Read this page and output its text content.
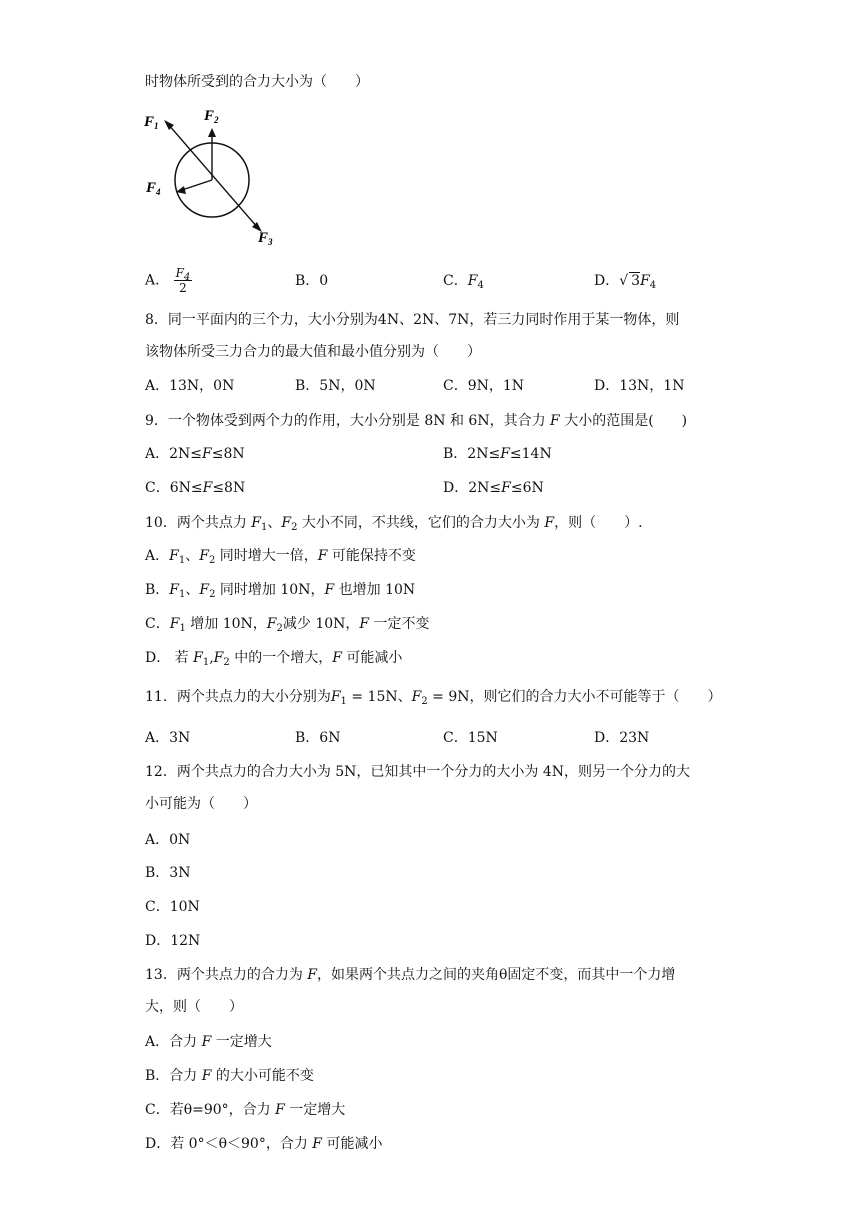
时物体所受到的合力大小为（　　）
$F_1$
$F_2$
$F_4$
$F_3$
A． $\frac{F_4}{2}$	B．0	C．$F_4$	D．√ $3F_4$
8．同一平面内的三个力，大小分别为4N、2N、7N，若三力同时作用于某一物体，则
该物体所受三力合力的最大值和最小值分别为（　　）
A．13N，0N	B．5N，0N	C．9N，1N	D．13N，1N
9．一个物体受到两个力的作用，大小分别是 8N 和 6N，其合力 F 大小的范围是(　　)
A．2N≤F≤8N	B．2N≤F≤14N
C．6N≤F≤8N	D．2N≤F≤6N
10．两个共点力 $F_1$、$F_2$ 大小不同，不共线，它们的合力大小为 F，则（　　）.
A．$F_1$、$F_2$ 同时增大一倍，F 可能保持不变
B．$F_1$、$F_2$ 同时增加 10N，F 也增加 10N
C．$F_1$ 增加 10N，$F_2$减少 10N，F 一定不变
D． 若 $F_1,F_2$ 中的一个增大，F 可能减小
11．两个共点力的大小分别为$F_1 = 15N$、$F_2 = 9N$，则它们的合力大小不可能等于（　　）
A．3N	B．6N	C．15N	D．23N
12．两个共点力的合力大小为 5N，已知其中一个分力的大小为 4N，则另一个分力的大
小可能为（　　）
A．0N
B．3N
C．10N
D．12N
13．两个共点力的合力为 F，如果两个共点力之间的夹角θ固定不变，而其中一个力增
大，则（　　）
A．合力 F 一定增大
B．合力 F 的大小可能不变
C．若θ=90°，合力 F 一定增大
D．若 0°＜θ＜90°，合力 F 可能减小
